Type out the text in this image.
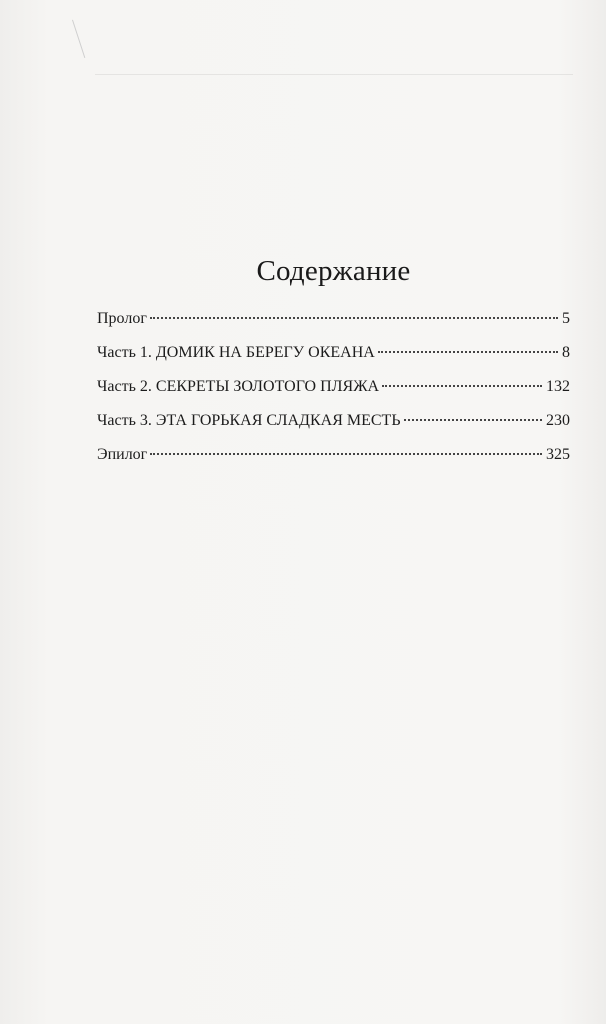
Содержание
Пролог	5
Часть 1. ДОМИК НА БЕРЕГУ ОКЕАНА	8
Часть 2. СЕКРЕТЫ ЗОЛОТОГО ПЛЯЖА	132
Часть 3. ЭТА ГОРЬКАЯ СЛАДКАЯ МЕСТЬ	230
Эпилог	325
